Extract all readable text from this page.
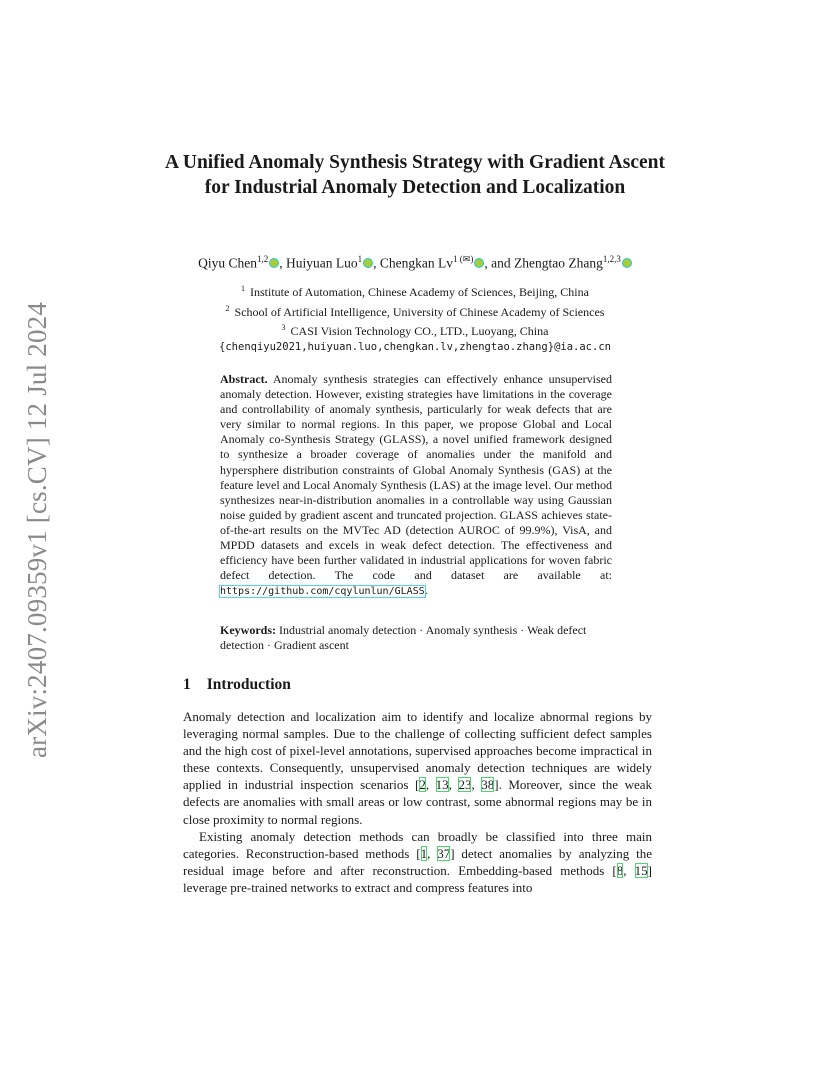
arXiv:2407.09359v1 [cs.CV] 12 Jul 2024
A Unified Anomaly Synthesis Strategy with Gradient Ascent for Industrial Anomaly Detection and Localization
Qiyu Chen$^{1,2}$ , Huiyuan Luo$^1$ , Chengkan $Lv^{1 (✉)}$ , and Zhengtao Zhang$^{1,2,3}$
$^1$ Institute of Automation, Chinese Academy of Sciences, Beijing, China
$^2$ School of Artificial Intelligence, University of Chinese Academy of Sciences
$^3$ CASI Vision Technology CO., LTD., Luoyang, China
{chenqiyu2021,huiyuan.luo,chengkan.lv,zhengtao.zhang}@ia.ac.cn

Abstract. Anomaly synthesis strategies can effectively enhance unsupervised anomaly detection. However, existing strategies have limitations in the coverage and controllability of anomaly synthesis, particularly for weak defects that are very similar to normal regions. In this paper, we propose Global and Local Anomaly co-Synthesis Strategy (GLASS), a novel unified framework designed to synthesize a broader coverage of anomalies under the manifold and hypersphere distribution constraints of Global Anomaly Synthesis (GAS) at the feature level and Local Anomaly Synthesis (LAS) at the image level. Our method synthesizes near-in-distribution anomalies in a controllable way using Gaussian noise guided by gradient ascent and truncated projection. GLASS achieves state-of-the-art results on the MVTec AD (detection AUROC of 99.9%), VisA, and MPDD datasets and excels in weak defect detection. The effectiveness and efficiency have been further validated in industrial applications for woven fabric defect detection. The code and dataset are available at: https://github.com/cqylunlun/GLASS.

Keywords: Industrial anomaly detection · Anomaly synthesis · Weak defect detection · Gradient ascent

1 Introduction

Anomaly detection and localization aim to identify and localize abnormal regions by leveraging normal samples. Due to the challenge of collecting sufficient defect samples and the high cost of pixel-level annotations, supervised approaches become impractical in these contexts. Consequently, unsupervised anomaly detection techniques are widely applied in industrial inspection scenarios [2, 13, 23, 38]. Moreover, since the weak defects are anomalies with small areas or low contrast, some abnormal regions may be in close proximity to normal regions.

Existing anomaly detection methods can broadly be classified into three main categories. Reconstruction-based methods [1, 37] detect anomalies by analyzing the residual image before and after reconstruction. Embedding-based methods [8, 15] leverage pre-trained networks to extract and compress features into
